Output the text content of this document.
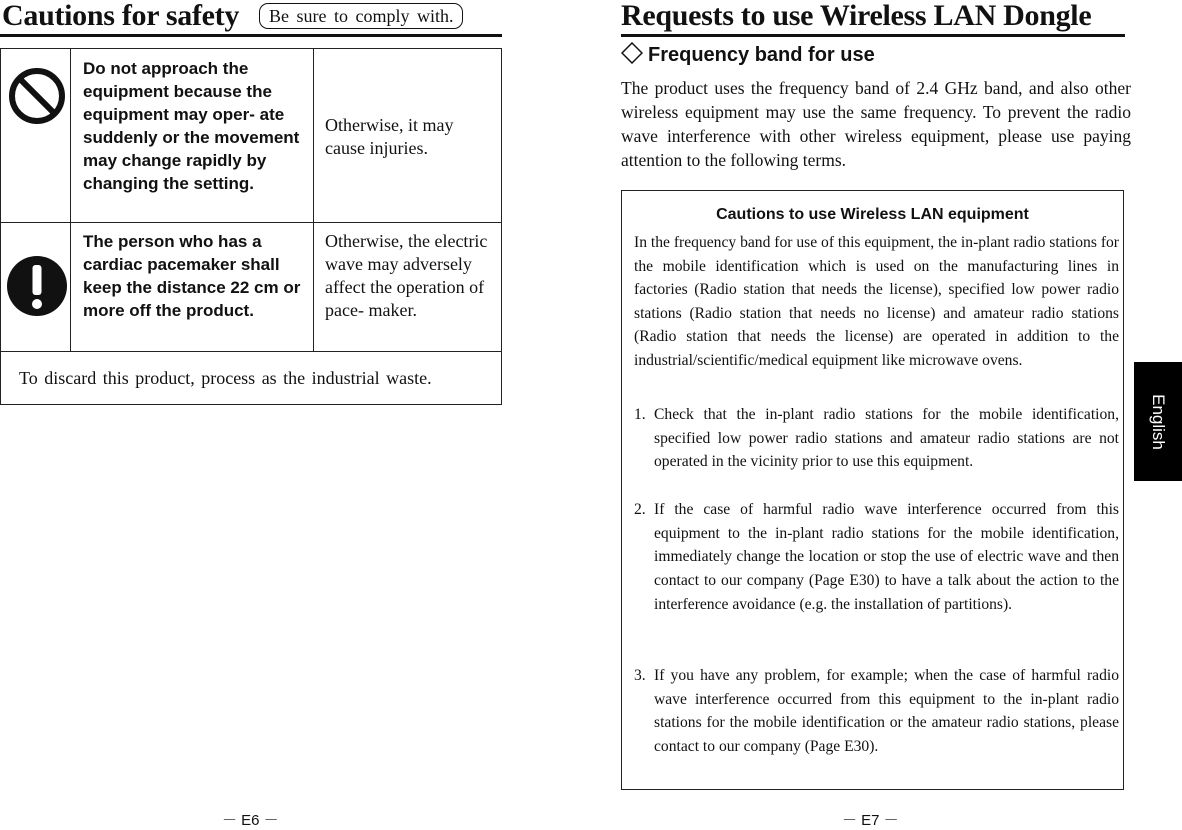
Cautions for safety	Be sure to comply with.
Do not approach the equipment because the equipment may oper- ate suddenly or the movement may change rapidly by changing the setting.
Otherwise, it may cause injuries.
The person who has a cardiac pacemaker shall keep the distance 22 cm or more off the product.
Otherwise, the electric wave may adversely affect the operation of pace- maker.
To discard this product, process as the industrial waste.
－ E6 －
Requests to use Wireless LAN Dongle
Frequency band for use
The product uses the frequency band of 2.4 GHz band, and also other wireless equipment may use the same frequency. To prevent the radio wave interference with other wireless equipment, please use paying attention to the following terms.
Cautions to use Wireless LAN equipment
In the frequency band for use of this equipment, the in-plant radio stations for the mobile identification which is used on the manufacturing lines in factories (Radio station that needs the license), specified low power radio stations (Radio station that needs no license) and amateur radio stations (Radio station that needs the license) are operated in addition to the industrial/scientific/medical equipment like microwave ovens.
1. Check that the in-plant radio stations for the mobile identification, specified low power radio stations and amateur radio stations are not operated in the vicinity prior to use this equipment.
2. If the case of harmful radio wave interference occurred from this equipment to the in-plant radio stations for the mobile identification, immediately change the location or stop the use of electric wave and then contact to our company (Page E30) to have a talk about the action to the interference avoidance (e.g. the installation of partitions).
3. If you have any problem, for example; when the case of harmful radio wave interference occurred from this equipment to the in-plant radio stations for the mobile identification or the amateur radio stations, please contact to our company (Page E30).
English
－ E7 －
